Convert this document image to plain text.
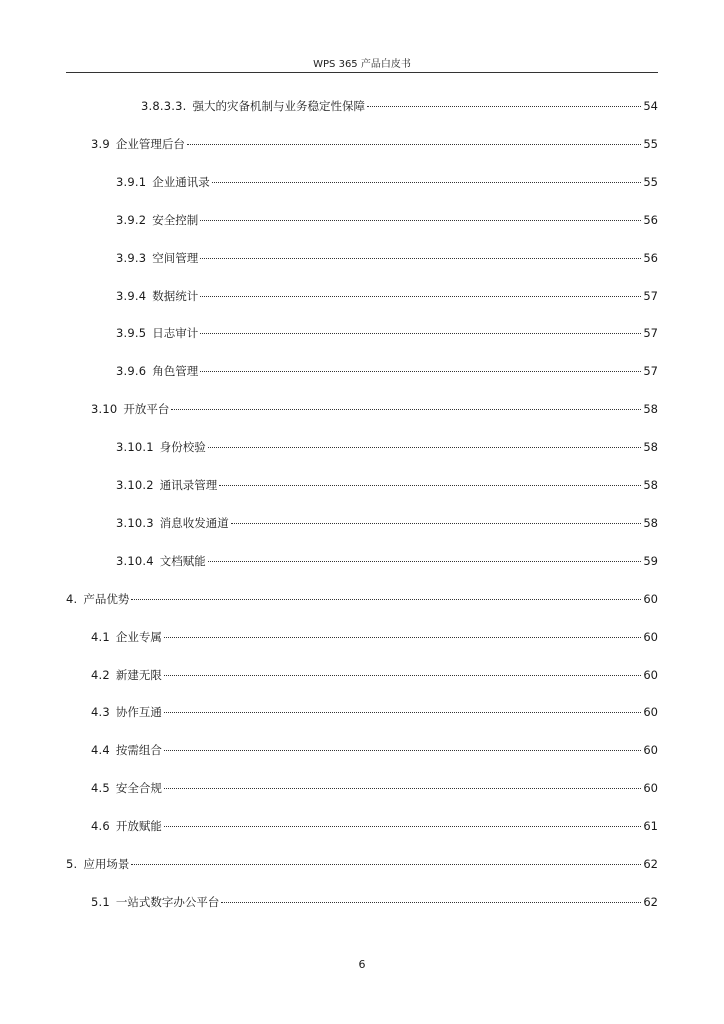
WPS 365 产品白皮书
3.8.3.3. 强大的灾备机制与业务稳定性保障	54
3.9 企业管理后台	55
3.9.1 企业通讯录	55
3.9.2 安全控制	56
3.9.3 空间管理	56
3.9.4 数据统计	57
3.9.5 日志审计	57
3.9.6 角色管理	57
3.10 开放平台	58
3.10.1 身份校验	58
3.10.2 通讯录管理	58
3.10.3 消息收发通道	58
3.10.4 文档赋能	59
4. 产品优势	60
4.1 企业专属	60
4.2 新建无限	60
4.3 协作互通	60
4.4 按需组合	60
4.5 安全合规	60
4.6 开放赋能	61
5. 应用场景	62
5.1 一站式数字办公平台	62
6
